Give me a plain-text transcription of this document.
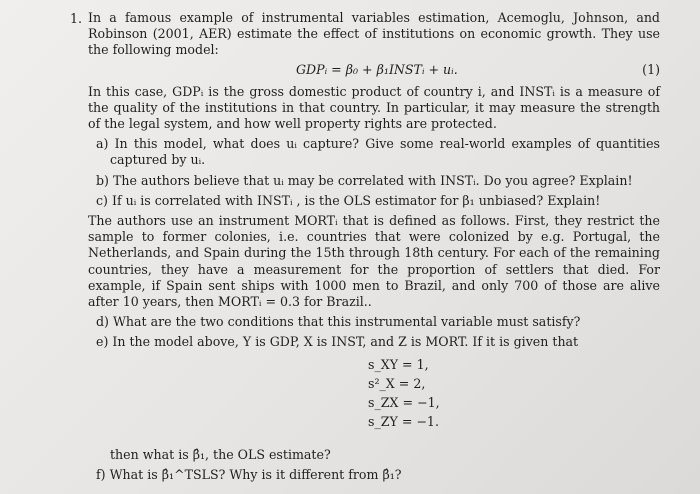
1. In a famous example of instrumental variables estimation, Acemoglu, Johnson, and Robinson (2001, AER) estimate the effect of institutions on economic growth. They use the following model:
GDPᵢ = β₀ + β₁INSTᵢ + uᵢ.	(1)
In this case, GDPᵢ is the gross domestic product of country i, and INSTᵢ is a measure of the quality of the institutions in that country. In particular, it may measure the strength of the legal system, and how well property rights are protected.
a) In this model, what does uᵢ capture? Give some real-world examples of quantities captured by uᵢ.
b) The authors believe that uᵢ may be correlated with INSTᵢ. Do you agree? Explain!
c) If uᵢ is correlated with INSTᵢ , is the OLS estimator for β₁ unbiased? Explain!
The authors use an instrument MORTᵢ that is defined as follows. First, they restrict the sample to former colonies, i.e. countries that were colonized by e.g. Portugal, the Netherlands, and Spain during the 15th through 18th century. For each of the remaining countries, they have a measurement for the proportion of settlers that died. For example, if Spain sent ships with 1000 men to Brazil, and only 700 of those are alive after 10 years, then MORTᵢ = 0.3 for Brazil..
d) What are the two conditions that this instrumental variable must satisfy?
e) In the model above, Y is GDP, X is INST, and Z is MORT. If it is given that
s_XY = 1,
s²_X = 2,
s_ZX = −1,
s_ZY = −1.
then what is β̂₁, the OLS estimate?
f) What is β̂₁^TSLS? Why is it different from β̂₁?
